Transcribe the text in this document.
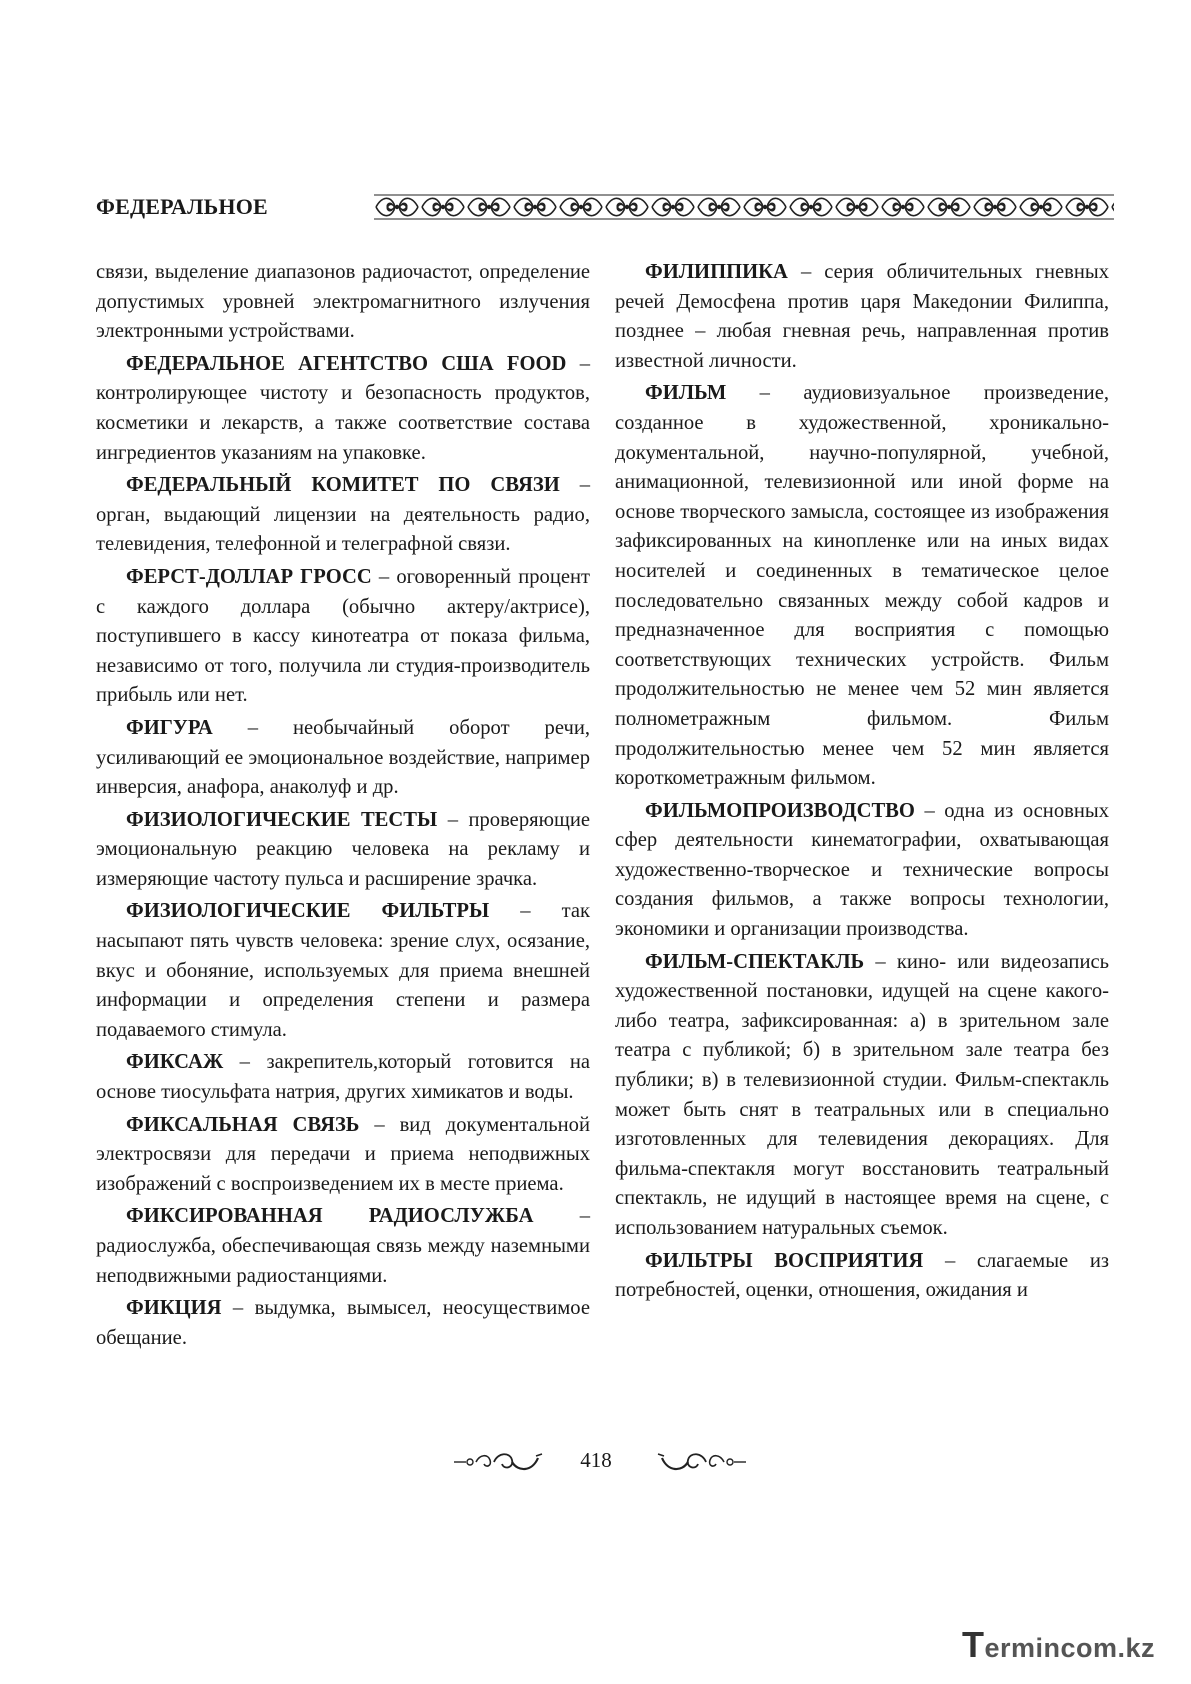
ФЕДЕРАЛЬНОЕ

связи, выделение диапазонов радиочастот, определение допустимых уровней электромагнитного излучения электронными устройствами.

ФЕДЕРАЛЬНОЕ АГЕНТСТВО США FOOD – контролирующее чистоту и безопасность продуктов, косметики и лекарств, а также соответствие состава ингредиентов указаниям на упаковке.

ФЕДЕРАЛЬНЫЙ КОМИТЕТ ПО СВЯЗИ – орган, выдающий лицензии на деятельность радио, телевидения, телефонной и телеграфной связи.

ФЕРСТ-ДОЛЛАР ГРОСС – оговоренный процент с каждого доллара (обычно актеру/актрисе), поступившего в кассу кинотеатра от показа фильма, независимо от того, получила ли студия-производитель прибыль или нет.

ФИГУРА – необычайный оборот речи, усиливающий ее эмоциональное воздействие, например инверсия, анафора, анаколуф и др.

ФИЗИОЛОГИЧЕСКИЕ ТЕСТЫ – проверяющие эмоциональную реакцию человека на рекламу и измеряющие частоту пульса и расширение зрачка.

ФИЗИОЛОГИЧЕСКИЕ ФИЛЬТРЫ – так насыпают пять чувств человека: зрение слух, осязание, вкус и обоняние, используемых для приема внешней информации и определения степени и размера подаваемого стимула.

ФИКСАЖ – закрепитель,который готовится на основе тиосульфата натрия, других химикатов и воды.

ФИКСАЛЬНАЯ СВЯЗЬ – вид документальной электросвязи для передачи и приема неподвижных изображений с воспроизведением их в месте приема.

ФИКСИРОВАННАЯ РАДИОСЛУЖБА – радиослужба, обеспечивающая связь между наземными неподвижными радиостанциями.

ФИКЦИЯ – выдумка, вымысел, неосуществимое обещание.

ФИЛИППИКА – серия обличительных гневных речей Демосфена против царя Македонии Филиппа, позднее – любая гневная речь, направленная против известной личности.

ФИЛЬМ – аудиовизуальное произведение, созданное в художественной, хроникально-документальной, научно-популярной, учебной, анимационной, телевизионной или иной форме на основе творческого замысла, состоящее из изображения зафиксированных на кинопленке или на иных видах носителей и соединенных в тематическое целое последовательно связанных между собой кадров и предназначенное для восприятия с помощью соответствующих технических устройств. Фильм продолжительностью не менее чем 52 мин является полнометражным фильмом. Фильм продолжительностью менее чем 52 мин является короткометражным фильмом.

ФИЛЬМОПРОИЗВОДСТВО – одна из основных сфер деятельности кинематографии, охватывающая художественно-творческое и технические вопросы создания фильмов, а также вопросы технологии, экономики и организации производства.

ФИЛЬМ-СПЕКТАКЛЬ – кино- или видеозапись художественной постановки, идущей на сцене какого-либо театра, зафиксированная: а) в зрительном зале театра с публикой; б) в зрительном зале театра без публики; в) в телевизионной студии. Фильм-спектакль может быть снят в театральных или в специально изготовленных для телевидения декорациях. Для фильма-спектакля могут восстановить театральный спектакль, не идущий в настоящее время на сцене, с использованием натуральных съемок.

ФИЛЬТРЫ ВОСПРИЯТИЯ – слагаемые из потребностей, оценки, отношения, ожидания и

418
Termincom.kz
